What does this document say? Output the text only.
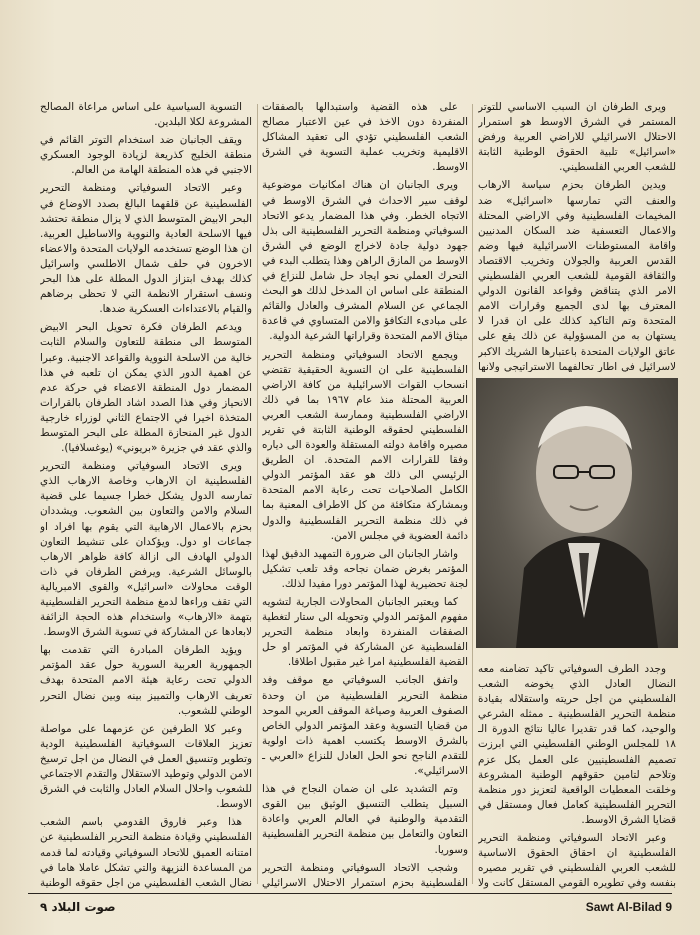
ويرى الطرفان ان السبب الاساسي للتوتر المستمر في الشرق الاوسط هو استمرار الاحتلال الاسرائيلي للاراضي العربية ورفض «اسرائيل» تلبية الحقوق الوطنية الثابتة للشعب العربي الفلسطيني.

ويدين الطرفان بحزم سياسة الارهاب والعنف التي تمارسها «اسرائيل» ضد المخيمات الفلسطينية وفي الاراضي المحتلة والاعمال التعسفية ضد السكان المدنيين واقامة المستوطنات الاسرائيلية فيها وضم القدس العربية والجولان وتخريب الاقتصاد والثقافة القومية للشعب العربي الفلسطيني الامر الذي يتناقض وقواعد القانون الدولي المعترف بها لدى الجميع وقرارات الامم المتحدة وتم التاكيد كذلك على ان قدرا لا يستهان به من المسؤولية عن ذلك يقع على عاتق الولايات المتحدة باعتبارها الشريك الاكبر لاسرائيل في اطار تحالفهما الاستراتيجي ولانها

وجدد الطرف السوفياتي تاكيد تضامنه معه النضال العادل الذي يخوضه الشعب الفلسطيني من اجل حريته واستقلاله بقيادة منظمة التحرير الفلسطينية ـ ممثله الشرعي والوحيد، كما قدر تقديرا عاليا نتائج الدورة الـ ١٨ للمجلس الوطني الفلسطيني التي ابرزت تصميم الفلسطينيين على العمل بكل عزم وتلاحم لتامين حقوقهم الوطنية المشروعة وخلقت المعطيات الواقعية لتعزيز دور منظمة التحرير الفلسطينية كعامل فعال ومستقل في قضايا الشرق الاوسط.

وعبر الاتحاد السوفياتي ومنظمة التحرير الفلسطينية ان احقاق الحقوق الاساسية للشعب العربي الفلسطيني في تقرير مصيره بنفسه وفي تطويره القومي المستقل كانت ولا

على هذه القضية واستبدالها بالصفقات المنفردة دون الاخذ في عين الاعتبار مصالح الشعب الفلسطيني تؤدي الى تعقيد المشاكل الاقليمية وتخريب عملية التسوية في الشرق الاوسط.

ويرى الجانبان ان هناك امكانيات موضوعية لوقف سير الاحداث في الشرق الاوسط في الاتجاه الخطر. وفي هذا المضمار يدعو الاتحاد السوفياتي ومنظمة التحرير الفلسطينية الى بذل جهود دولية جادة لاخراج الوضع في الشرق الاوسط من المازق الراهن وهذا يتطلب البدء في التحرك العملي نحو ايجاد حل شامل للنزاع في المنطقة على اساس ان المدخل لذلك هو البحث الجماعي عن السلام المشرف والعادل والقائم على مبادىء التكافؤ والامن المتساوي في قاعدة ميثاق الامم المتحدة وقراراتها الشرعية الدولية.

ويجمع الاتحاد السوفياتي ومنظمة التحرير الفلسطينية على ان التسوية الحقيقية تقتضي انسحاب القوات الاسرائيلية من كافة الاراضي العربية المحتلة منذ عام ١٩٦٧ بما في ذلك الاراضي الفلسطينية وممارسة الشعب العربي الفلسطيني لحقوقه الوطنية الثابتة في تقرير مصيره واقامة دولته المستقلة والعودة الى دياره وفقا للقرارات الامم المتحدة. ان الطريق الرئيسي الى ذلك هو عقد المؤتمر الدولي الكامل الصلاحيات تحت رعاية الامم المتحدة وبمشاركة متكافئة من كل الاطراف المعنية بما في ذلك منظمة التحرير الفلسطينية والدول دائمة العضوية في مجلس الامن.

واشار الجانبان الى ضرورة التمهيد الدقيق لهذا المؤتمر بغرض ضمان نجاحه وقد تلعب تشكيل لجنة تحضيرية لهذا المؤتمر دورا مفيدا لذلك.

كما ويعتبر الجانبان المحاولات الجارية لتشويه مفهوم المؤتمر الدولي وتحويله الى ستار لتغطية الصفقات المنفردة وابعاد منظمة التحرير الفلسطينية عن المشاركة في المؤتمر او حل القضية الفلسطينية امرا غير مقبول اطلاقا.

واتفق الجانب السوفياتي مع موقف وفد منظمة التحرير الفلسطينية من ان وحدة الصفوف العربية وصياغة الموقف العربي الموحد من قضايا التسوية وعقد المؤتمر الدولي الخاص بالشرق الاوسط يكتسب اهمية ذات اولوية للتقدم الناجح نحو الحل العادل للنزاع «العربي ـ الاسرائيلي».

وتم التشديد على ان ضمان النجاح في هذا السبيل يتطلب التنسيق الوثيق بين القوى التقدمية والوطنية في العالم العربي واعادة التعاون والتعامل بين منظمة التحرير الفلسطينية وسوريا.

وشجب الاتحاد السوفياتي ومنظمة التحرير الفلسطينية بحزم استمرار الاحتلال الاسرائيلي

التسوية السياسية على اساس مراعاة المصالح المشروعة لكلا البلدين.

ويقف الجانبان ضد استخدام التوتر القائم في منطقة الخليج كذريعة لزيادة الوجود العسكري الاجنبي في هذه المنطقة الهامة من العالم.

وعبر الاتحاد السوفياتي ومنظمة التحرير الفلسطينية عن قلقهما البالغ بصدد الاوضاع في البحر الابيض المتوسط الذي لا يزال منطقة تحتشد فيها الاسلحة العادية والنووية والاساطيل العربية. ان هذا الوضع تستخدمه الولايات المتحدة والاعضاء الاخرون في حلف شمال الاطلسي واسرائيل كذلك بهدف ابتزاز الدول المطلة على هذا البحر ونسف استقرار الانظمة التي لا تحظى برضاهم والقيام بالاعتداءات العسكرية ضدها.

ويدعم الطرفان فكرة تحويل البحر الابيض المتوسط الى منطقة للتعاون والسلام الثابت خالية من الاسلحة النووية والقواعد الاجنبية. وعبرا عن اهمية الدور الذي يمكن ان تلعبه في هذا المضمار دول المنطقة الاعضاء في حركة عدم الانحياز وفي هذا الصدد اشاد الطرفان بالقرارات المتخذة اخيرا في الاجتماع الثاني لوزراء خارجية الدول غير المنحازة المطلة على البحر المتوسط والذي عقد في جزيرة «بريوني» (يوغسلافيا).

ويرى الاتحاد السوفياتي ومنظمة التحرير الفلسطينية ان الارهاب وخاصة الارهاب الذي تمارسه الدول يشكل خطرا جسيما على قضية السلام والامن والتعاون بين الشعوب. ويشددان بحزم بالاعمال الارهابية التي يقوم بها افراد او جماعات او دول. ويؤكدان على تنشيط التعاون الدولي الهادف الى ازالة كافة ظواهر الارهاب بالوسائل الشرعية. ويرفض الطرفان في ذات الوقت محاولات «اسرائيل» والقوى الامبريالية التي تقف وراءها لدمغ منظمة التحرير الفلسطينية بتهمة «الارهاب» واستخدام هذه الحجة الزائفة لابعادها عن المشاركة في تسوية الشرق الاوسط.

ويؤيد الطرفان المبادرة التي تقدمت بها الجمهورية العربية السورية حول عقد المؤتمر الدولي تحت رعاية هيئة الامم المتحدة بهدف تعريف الارهاب والتمييز بينه وبين نضال التحرر الوطني للشعوب.

وعبر كلا الطرفين عن عزمهما على مواصلة تعزيز العلاقات السوفياتية الفلسطينية الودية وتطوير وتنسيق العمل في النضال من اجل ترسيخ الامن الدولي وتوطيد الاستقلال والتقدم الاجتماعي للشعوب واحلال السلام العادل والثابت في الشرق الاوسط.

هذا وعبر فاروق القدومي باسم الشعب الفلسطيني وقيادة منظمة التحرير الفلسطينية عن امتنانه العميق للاتحاد السوفياتي وقيادته لما قدمه من المساعدة النزيهة والتي تشكل عاملا هاما في نضال الشعب الفلسطيني من اجل حقوقه الوطنية

صوت البلاد ٩	Sawt Al-Bilad 9
